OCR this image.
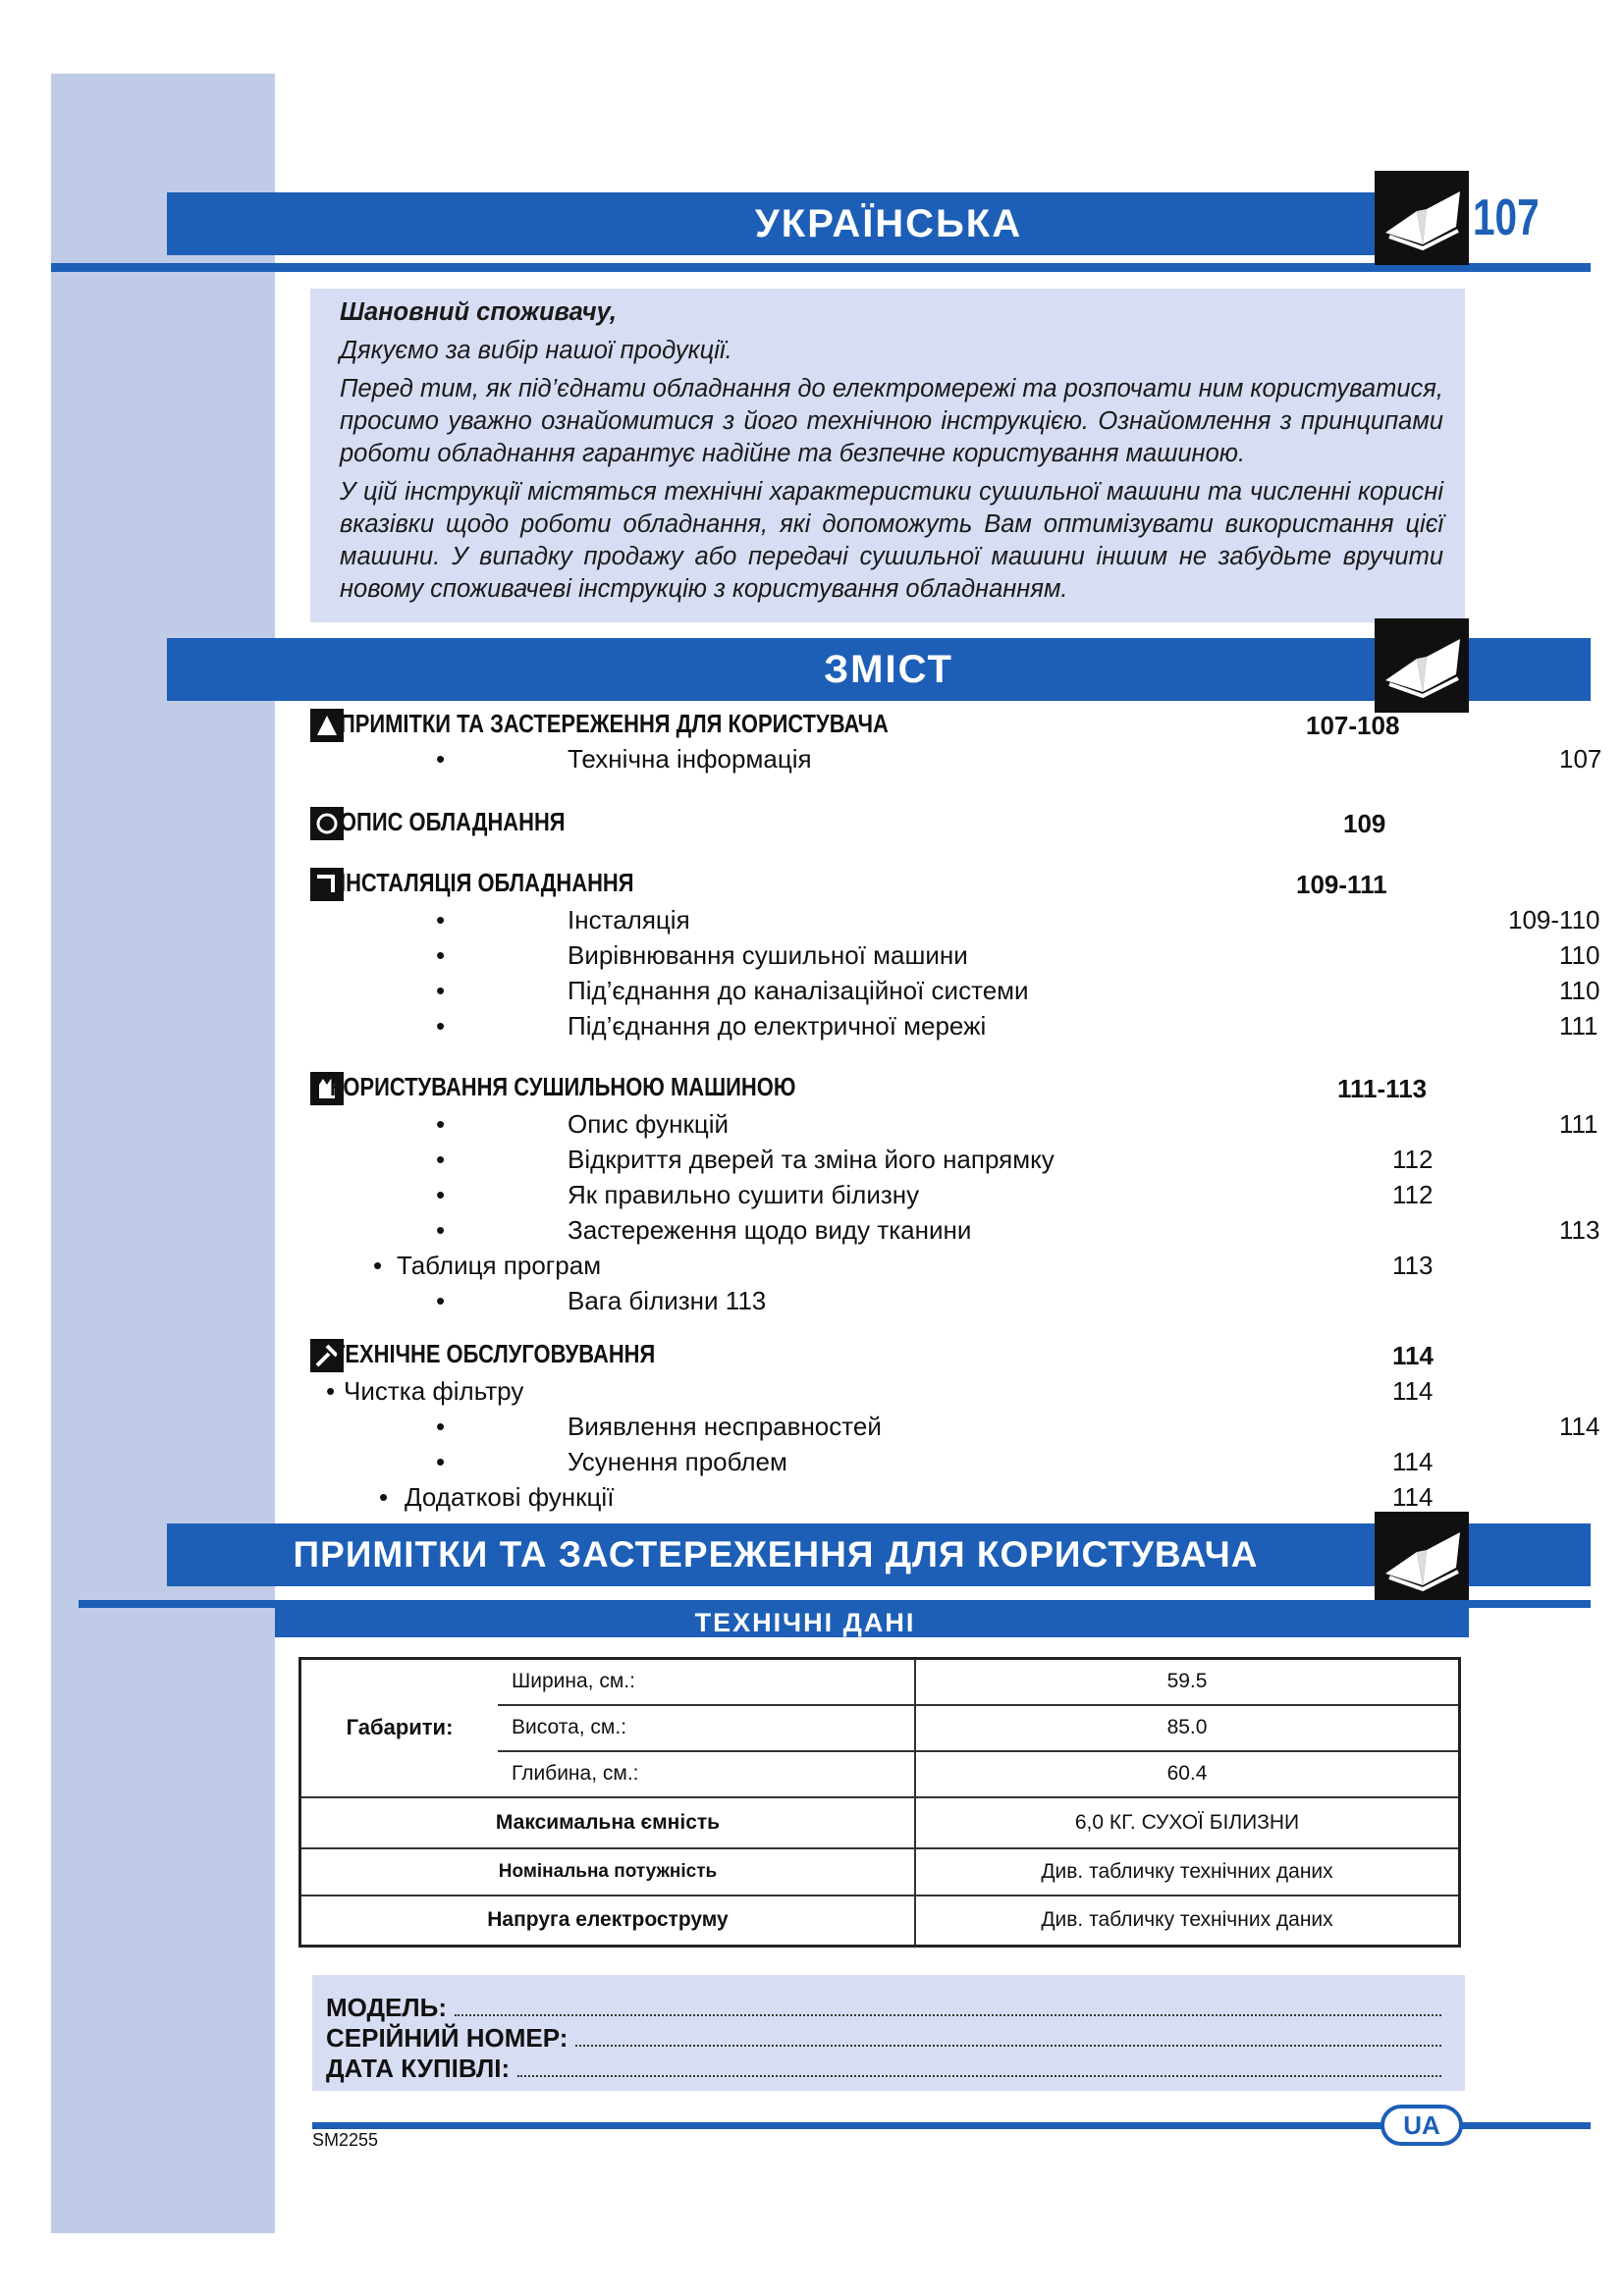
УКРАЇНСЬКА	107

Шановний споживачу,

Дякуємо за вибір нашої продукції.

Перед тим, як під’єднати обладнання до електромережі та розпочати ним користуватися, просимо уважно ознайомитися з його технічною інструкцією. Ознайомлення з принципами роботи обладнання гарантує надійне та безпечне користування машиною.

У цій інструкції містяться технічні характеристики сушильної машини та численні корисні вказівки щодо роботи обладнання, які допоможуть Вам оптимізувати використання цієї машини. У випадку продажу або передачі сушильної машини іншим не забудьте вручити новому споживачеві інструкцію з користування обладнанням.

ЗМІСТ
ПРИМІТКИ ТА ЗАСТЕРЕЖЕННЯ ДЛЯ КОРИСТУВАЧА	107-108
•	Технічна інформація	107
ОПИС ОБЛАДНАННЯ	109
ІНСТАЛЯЦІЯ ОБЛАДНАННЯ	109-111
•	Інсталяція	109-110
•	Вирівнювання сушильної машини	110
•	Під’єднання до каналізаційної системи	110
•	Під’єднання до електричної мережі	111
КОРИСТУВАННЯ СУШИЛЬНОЮ МАШИНОЮ	111-113
•	Опис функцій	111
•	Відкриття дверей та зміна його напрямку	112
•	Як правильно сушити білизну	112
•	Застереження щодо виду тканини	113
• Таблиця програм	113
•	Вага білизни 113
ТЕХНІЧНЕ ОБСЛУГОВУВАННЯ	114
• Чистка фільтру	114
•	Виявлення несправностей	114
•	Усунення проблем	114
• Додаткові функції	114
ПРИМІТКИ ТА ЗАСТЕРЕЖЕННЯ ДЛЯ КОРИСТУВАЧА
ТЕХНІЧНІ ДАНІ
Габарити:	Ширина, см.:	59.5
	Висота, см.:	85.0
	Глибина, см.:	60.4
Максимальна ємність		6,0 КГ. СУХОЇ БІЛИЗНИ
Номінальна потужність		Див. табличку технічних даних
Напруга електроструму		Див. табличку технічних даних
МОДЕЛЬ:
СЕРІЙНИЙ НОМЕР:
ДАТА КУПІВЛІ:
UA
SM2255
